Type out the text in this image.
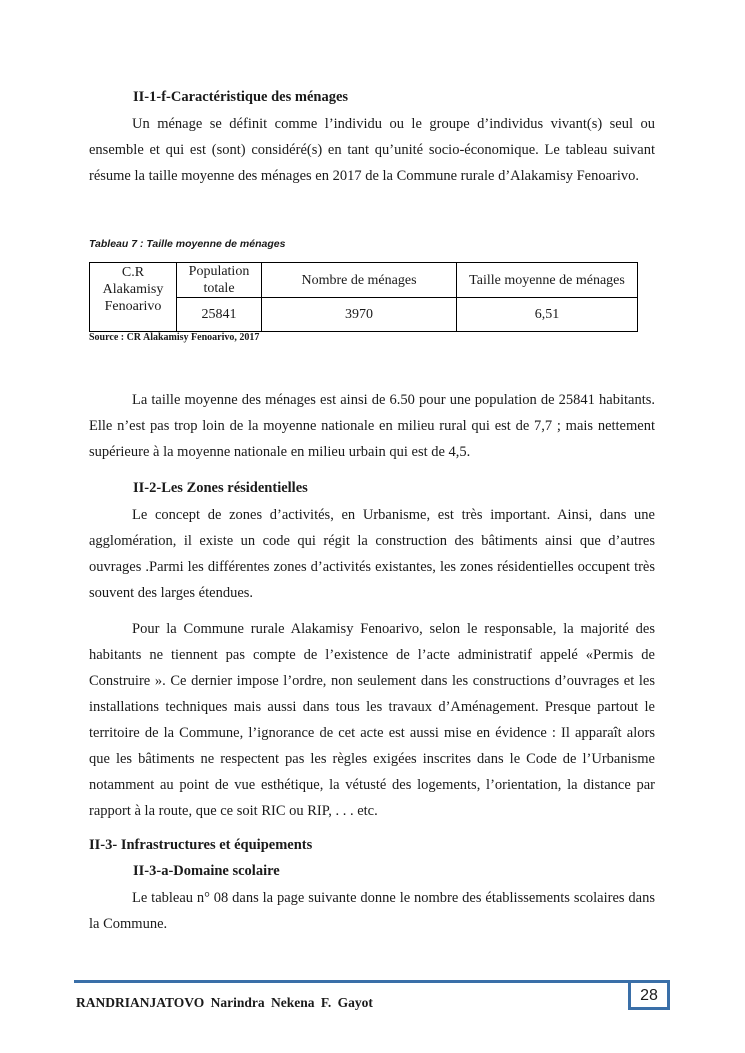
II-1-f-Caractéristique des ménages
Un ménage se définit comme l’individu ou le groupe d’individus vivant(s) seul ou ensemble et qui est (sont) considéré(s) en tant qu’unité socio-économique. Le tableau suivant résume la taille moyenne des ménages en 2017 de la Commune rurale d’Alakamisy Fenoarivo.
Tableau 7 : Taille moyenne de ménages
C.R Alakamisy Fenoarivo	Population totale	Nombre de ménages	Taille moyenne de ménages
	25841	3970	6,51
Source : CR Alakamisy Fenoarivo, 2017
La taille moyenne des ménages est ainsi de 6.50 pour une population de 25841 habitants. Elle n’est pas trop loin de la moyenne nationale en milieu rural qui est de 7,7 ; mais nettement supérieure à la moyenne nationale en milieu urbain qui est de 4,5.
II-2-Les Zones résidentielles
Le concept de zones d’activités, en Urbanisme, est très important. Ainsi, dans une agglomération, il existe un code qui régit la construction des bâtiments ainsi que d’autres ouvrages .Parmi les différentes zones d’activités existantes, les zones résidentielles occupent très souvent des larges étendues.
Pour la Commune rurale Alakamisy Fenoarivo, selon le responsable, la majorité des habitants ne tiennent pas compte de l’existence de l’acte administratif appelé «Permis de Construire ». Ce dernier impose l’ordre, non seulement dans les constructions d’ouvrages et les installations techniques mais aussi dans tous les travaux d’Aménagement. Presque partout le territoire de la Commune, l’ignorance de cet acte est aussi mise en évidence : Il apparaît alors que les bâtiments ne respectent pas les règles exigées inscrites dans le Code de l’Urbanisme notamment au point de vue esthétique, la vétusté des logements, l’orientation, la distance par rapport à la route, que ce soit RIC ou RIP, . . . etc.
II-3- Infrastructures et équipements
II-3-a-Domaine scolaire
Le tableau n° 08 dans la page suivante donne le nombre des établissements scolaires dans la Commune.
RANDRIANJATOVO Narindra Nekena F. Gayot	28
